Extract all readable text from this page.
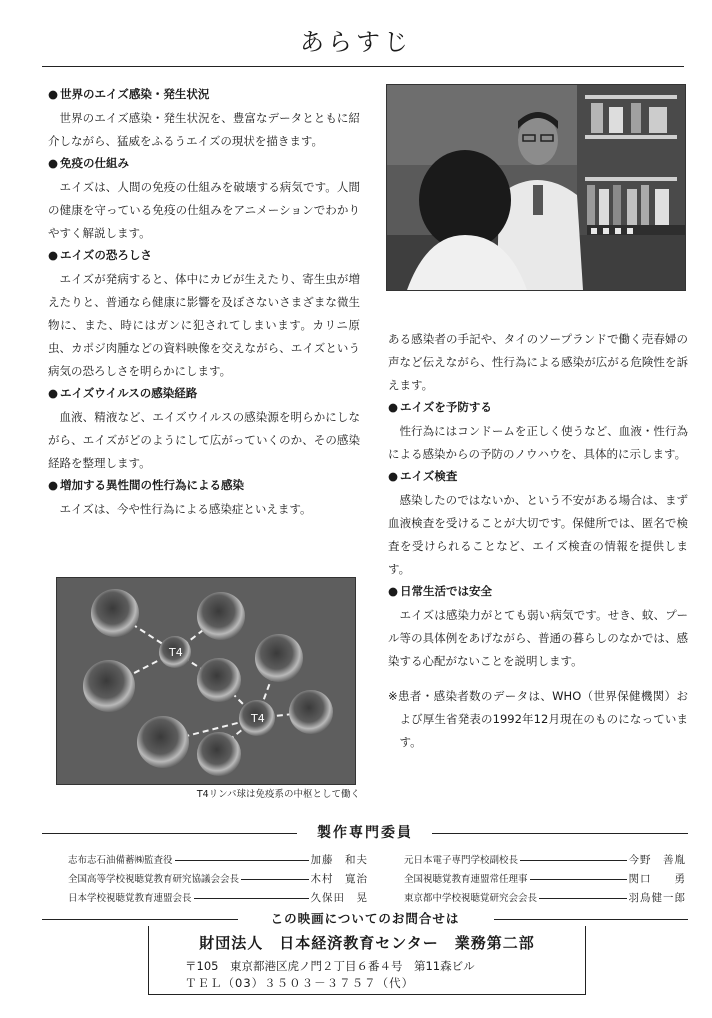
あらすじ
● 世界のエイズ感染・発生状況

世界のエイズ感染・発生状況を、豊富なデータとともに紹介しながら、猛威をふるうエイズの現状を描きます。

● 免疫の仕組み

エイズは、人間の免疫の仕組みを破壊する病気です。人間の健康を守っている免疫の仕組みをアニメーションでわかりやすく解説します。

● エイズの恐ろしさ

エイズが発病すると、体中にカビが生えたり、寄生虫が増えたりと、普通なら健康に影響を及ぼさないさまざまな微生物に、また、時にはガンに犯されてしまいます。カリニ原虫、カポジ肉腫などの資料映像を交えながら、エイズという病気の恐ろしさを明らかにします。

● エイズウイルスの感染経路

血液、精液など、エイズウイルスの感染源を明らかにしながら、エイズがどのようにして広がっていくのか、その感染経路を整理します。

● 増加する異性間の性行為による感染

エイズは、今や性行為による感染症といえます。

ある感染者の手記や、タイのソープランドで働く売春婦の声など伝えながら、性行為による感染が広がる危険性を訴えます。

● エイズを予防する

性行為にはコンドームを正しく使うなど、血液・性行為による感染からの予防のノウハウを、具体的に示します。

● エイズ検査

感染したのではないか、という不安がある場合は、まず血液検査を受けることが大切です。保健所では、匿名で検査を受けられることなど、エイズ検査の情報を提供します。

● 日常生活では安全

エイズは感染力がとても弱い病気です。せき、蚊、プール等の具体例をあげながら、普通の暮らしのなかでは、感染する心配がないことを説明します。

※患者・感染者数のデータは、WHO（世界保健機関）および厚生省発表の1992年12月現在のものになっています。

T4
T4
T4リンパ球は免疫系の中枢として働く
製作専門委員
志布志石油備蓄㈱監査役	加藤　和夫
全国高等学校視聴覚教育研究協議会会長	木村　寛治
日本学校視聴覚教育連盟会長	久保田　晃
元日本電子専門学校副校長	今野　善胤
全国視聴覚教育連盟常任理事	関口　　勇
東京都中学校視聴覚研究会会長	羽鳥健一郎
この映画についてのお問合せは
財団法人　日本経済教育センター　業務第二部
〒105　東京都港区虎ノ門２丁目６番４号　第11森ビル
ＴＥＬ（03）３５０３－３７５７（代）
